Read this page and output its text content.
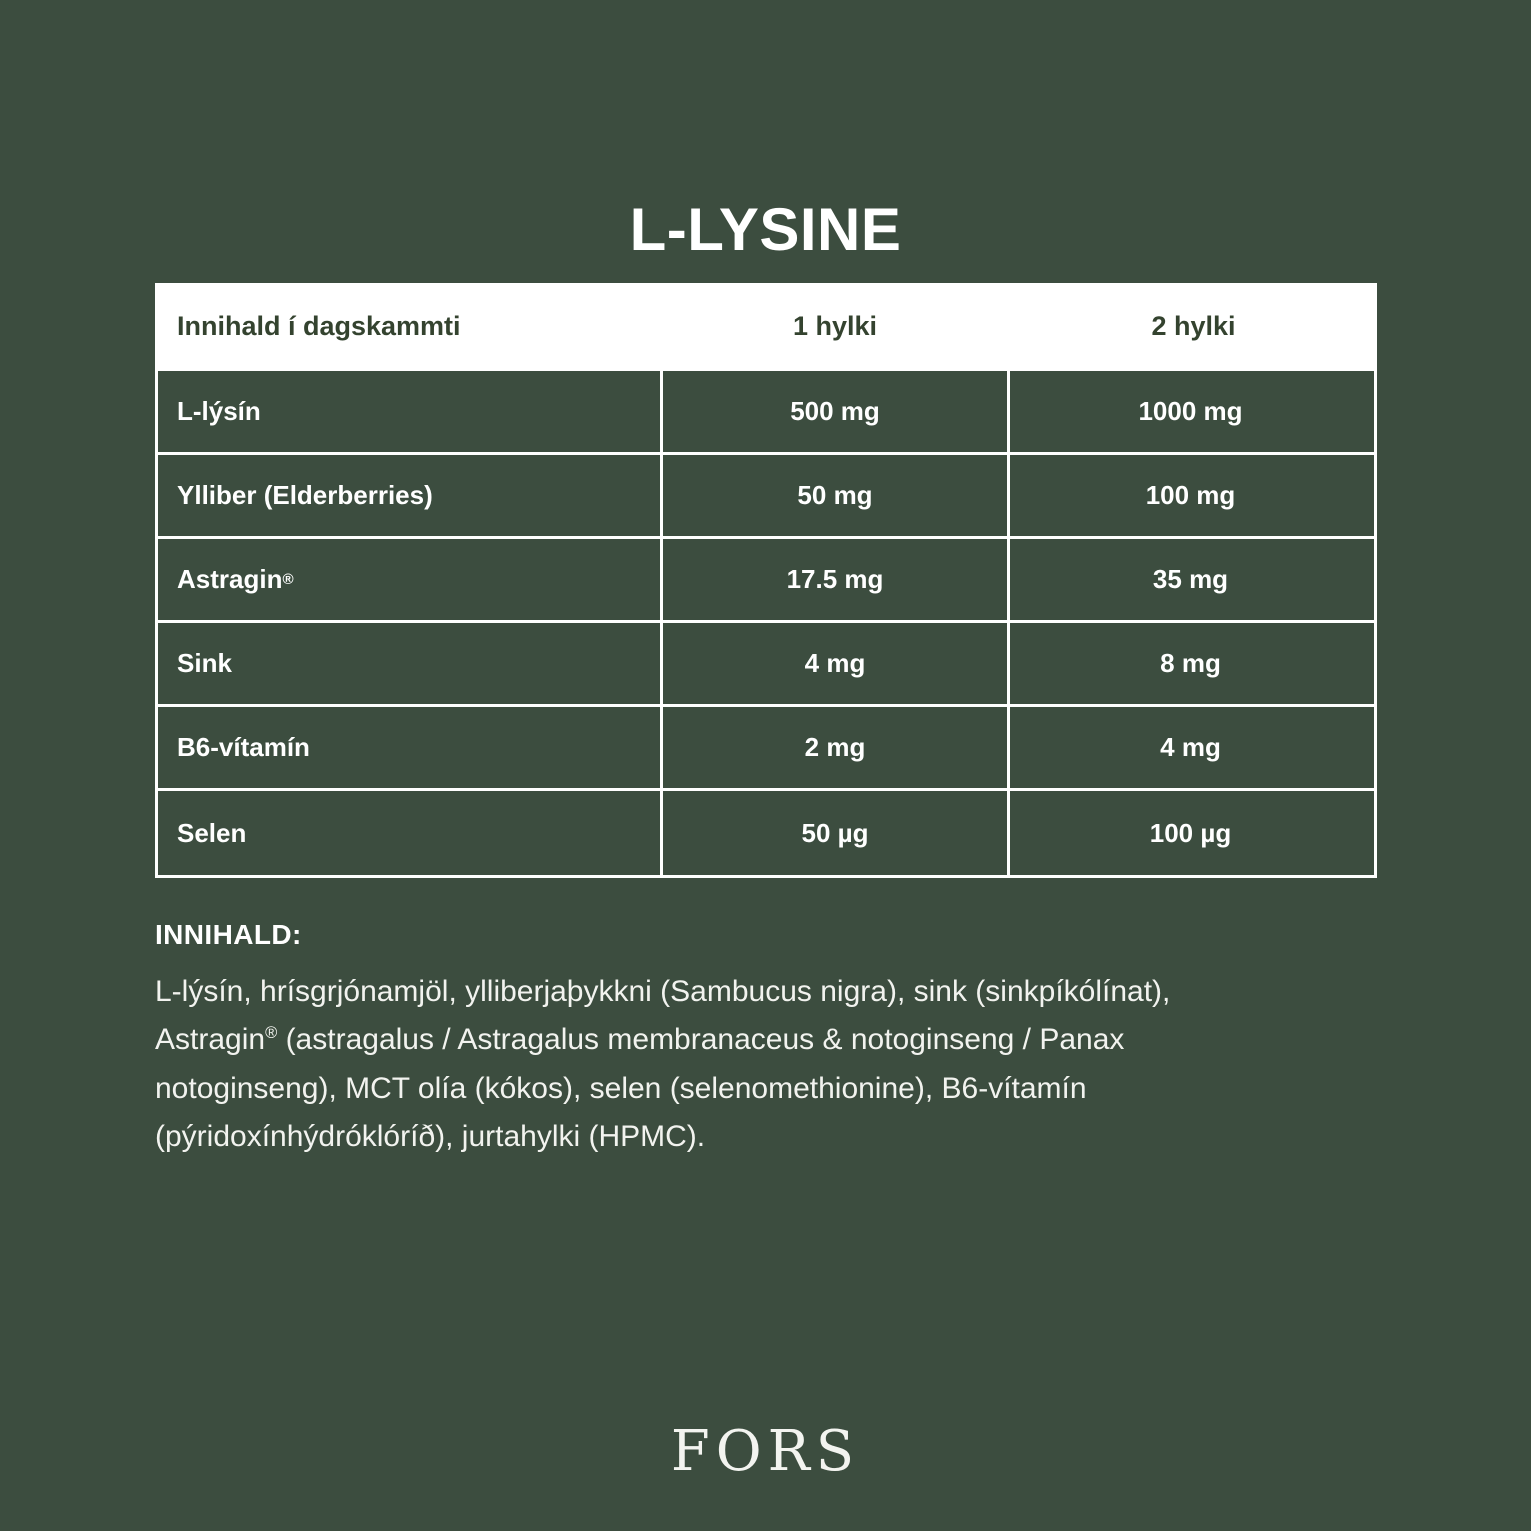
L-LYSINE
Innihald í dagskammti	1 hylki	2 hylki
L-lýsín	500 mg	1000 mg
Ylliber (Elderberries)	50 mg	100 mg
Astragin ®	17.5 mg	35 mg
Sink	4 mg	8 mg
B6-vítamín	2 mg	4 mg
Selen	50 µg	100 µg
INNIHALD:

L-lýsín, hrísgrjónamjöl, ylliberjaþykkni (Sambucus nigra), sink (sinkpíkólínat), Astragin® (astragalus / Astragalus membranaceus & notoginseng / Panax notoginseng), MCT olía (kókos), selen (selenomethionine), B6-vítamín (pýridoxínhýdróklóríð), jurtahylki (HPMC).

FORS
